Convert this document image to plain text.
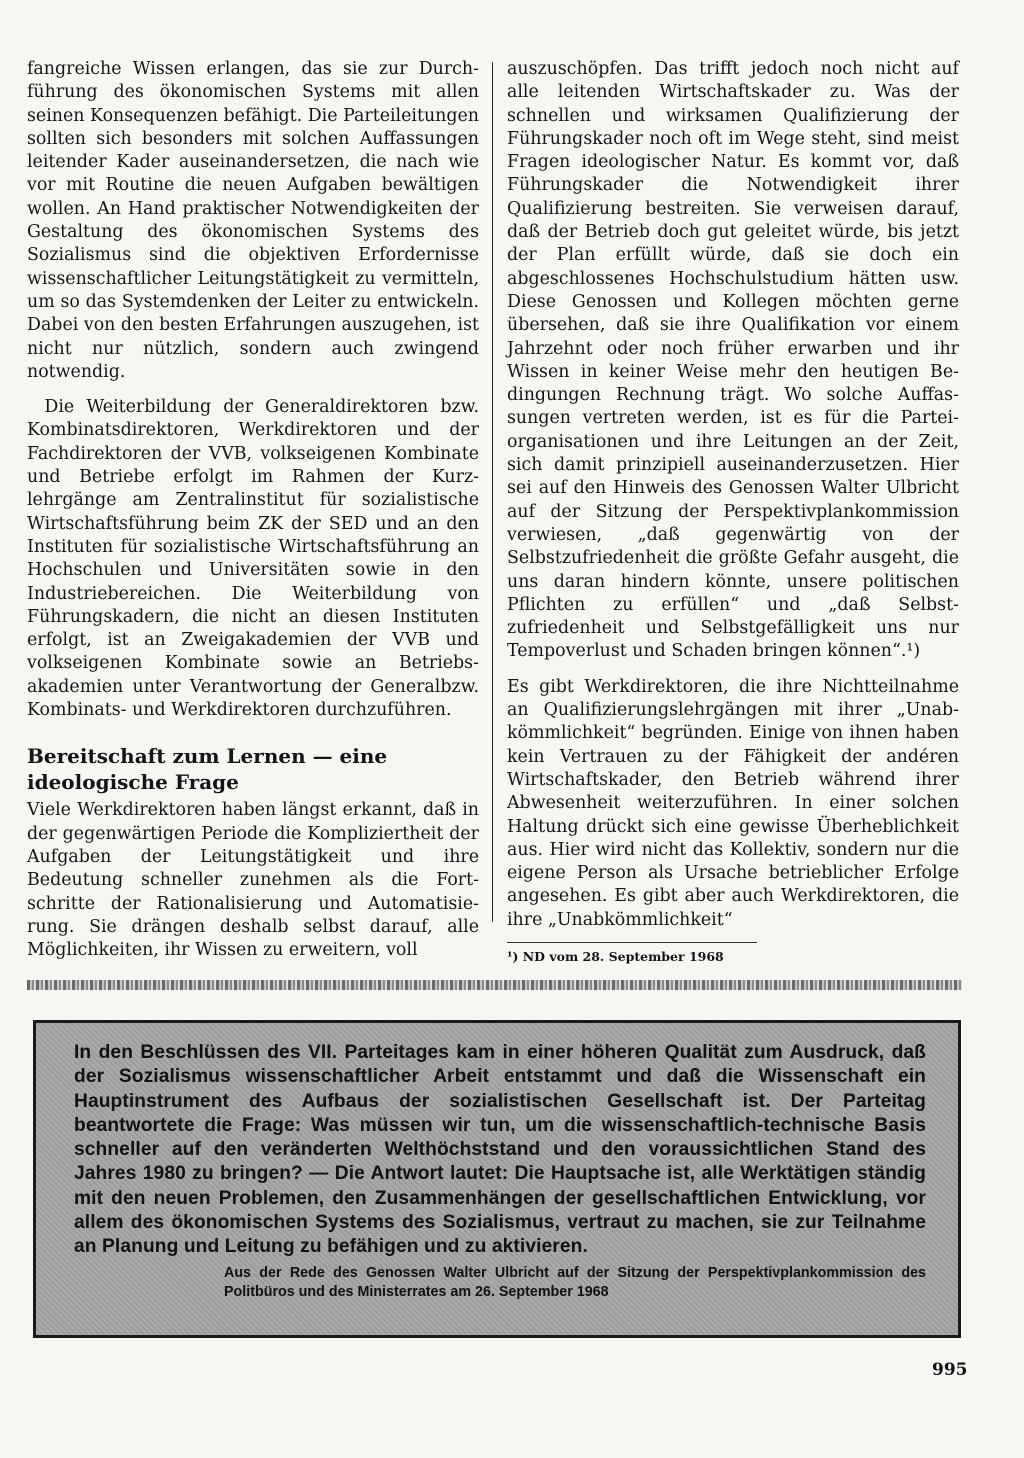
fangreiche Wissen erlangen, das sie zur Durchführung des ökonomischen Systems mit allen seinen Konsequenzen befähigt. Die Parteileitungen sollten sich besonders mit solchen Auffassungen leitender Kader auseinandersetzen, die nach wie vor mit Routine die neuen Aufgaben bewältigen wollen. An Hand praktischer Notwendigkeiten der Gestaltung des ökonomischen Systems des Sozialismus sind die objektiven Erfordernisse wissenschaftlicher Leitungstätigkeit zu vermitteln, um so das Systemdenken der Leiter zu entwickeln. Dabei von den besten Erfahrungen auszugehen, ist nicht nur nützlich, sondern auch zwingend notwendig.

Die Weiterbildung der Generaldirektoren bzw. Kombinatsdirektoren, Werkdirektoren und der Fachdirektoren der VVB, volkseigenen Kombinate und Betriebe erfolgt im Rahmen der Kurzlehrgänge am Zentralinstitut für sozialistische Wirtschaftsführung beim ZK der SED und an den Instituten für sozialistische Wirtschaftsführung an Hochschulen und Universitäten sowie in den Industriebereichen. Die Weiterbildung von Führungskadern, die nicht an diesen Instituten erfolgt, ist an Zweigakademien der VVB und volkseigenen Kombinate sowie an Betriebsakademien unter Verantwortung der Generalbzw. Kombinats- und Werkdirektoren durchzuführen.

Bereitschaft zum Lernen — eine ideologische Frage

Viele Werkdirektoren haben längst erkannt, daß in der gegenwärtigen Periode die Kompliziertheit der Aufgaben der Leitungstätigkeit und ihre Bedeutung schneller zunehmen als die Fortschritte der Rationalisierung und Automatisierung. Sie drängen deshalb selbst darauf, alle Möglichkeiten, ihr Wissen zu erweitern, voll

auszuschöpfen. Das trifft jedoch noch nicht auf alle leitenden Wirtschaftskader zu. Was der schnellen und wirksamen Qualifizierung der Führungskader noch oft im Wege steht, sind meist Fragen ideologischer Natur. Es kommt vor, daß Führungskader die Notwendigkeit ihrer Qualifizierung bestreiten. Sie verweisen darauf, daß der Betrieb doch gut geleitet würde, bis jetzt der Plan erfüllt würde, daß sie doch ein abgeschlossenes Hochschulstudium hätten usw. Diese Genossen und Kollegen möchten gerne übersehen, daß sie ihre Qualifikation vor einem Jahrzehnt oder noch früher erwarben und ihr Wissen in keiner Weise mehr den heutigen Bedingungen Rechnung trägt. Wo solche Auffassungen vertreten werden, ist es für die Parteiorganisationen und ihre Leitungen an der Zeit, sich damit prinzipiell auseinanderzusetzen. Hier sei auf den Hinweis des Genossen Walter Ulbricht auf der Sitzung der Perspektivplankommission verwiesen, „daß gegenwärtig von der Selbstzufriedenheit die größte Gefahr ausgeht, die uns daran hindern könnte, unsere politischen Pflichten zu erfüllen“ und „daß Selbstzufriedenheit und Selbstgefälligkeit uns nur Tempoverlust und Schaden bringen können“.¹)

Es gibt Werkdirektoren, die ihre Nichtteilnahme an Qualifizierungslehrgängen mit ihrer „Unabkömmlichkeit“ begründen. Einige von ihnen haben kein Vertrauen zu der Fähigkeit der andéren Wirtschaftskader, den Betrieb während ihrer Abwesenheit weiterzuführen. In einer solchen Haltung drückt sich eine gewisse Überheblichkeit aus. Hier wird nicht das Kollektiv, sondern nur die eigene Person als Ursache betrieblicher Erfolge angesehen. Es gibt aber auch Werkdirektoren, die ihre „Unabkömmlichkeit“

¹) ND vom 28. September 1968

In den Beschlüssen des VII. Parteitages kam in einer höheren Qualität zum Ausdruck, daß der Sozialismus wissenschaftlicher Arbeit entstammt und daß die Wissenschaft ein Hauptinstrument des Aufbaus der sozialistischen Gesellschaft ist. Der Parteitag beantwortete die Frage: Was müssen wir tun, um die wissenschaftlich-technische Basis schneller auf den veränderten Welthöchststand und den voraussichtlichen Stand des Jahres 1980 zu bringen? — Die Antwort lautet: Die Hauptsache ist, alle Werktätigen ständig mit den neuen Problemen, den Zusammenhängen der gesellschaftlichen Entwicklung, vor allem des ökonomischen Systems des Sozialismus, vertraut zu machen, sie zur Teilnahme an Planung und Leitung zu befähigen und zu aktivieren.

Aus der Rede des Genossen Walter Ulbricht auf der Sitzung der Perspektivplankommission des Politbüros und des Ministerrates am 26. September 1968

995
